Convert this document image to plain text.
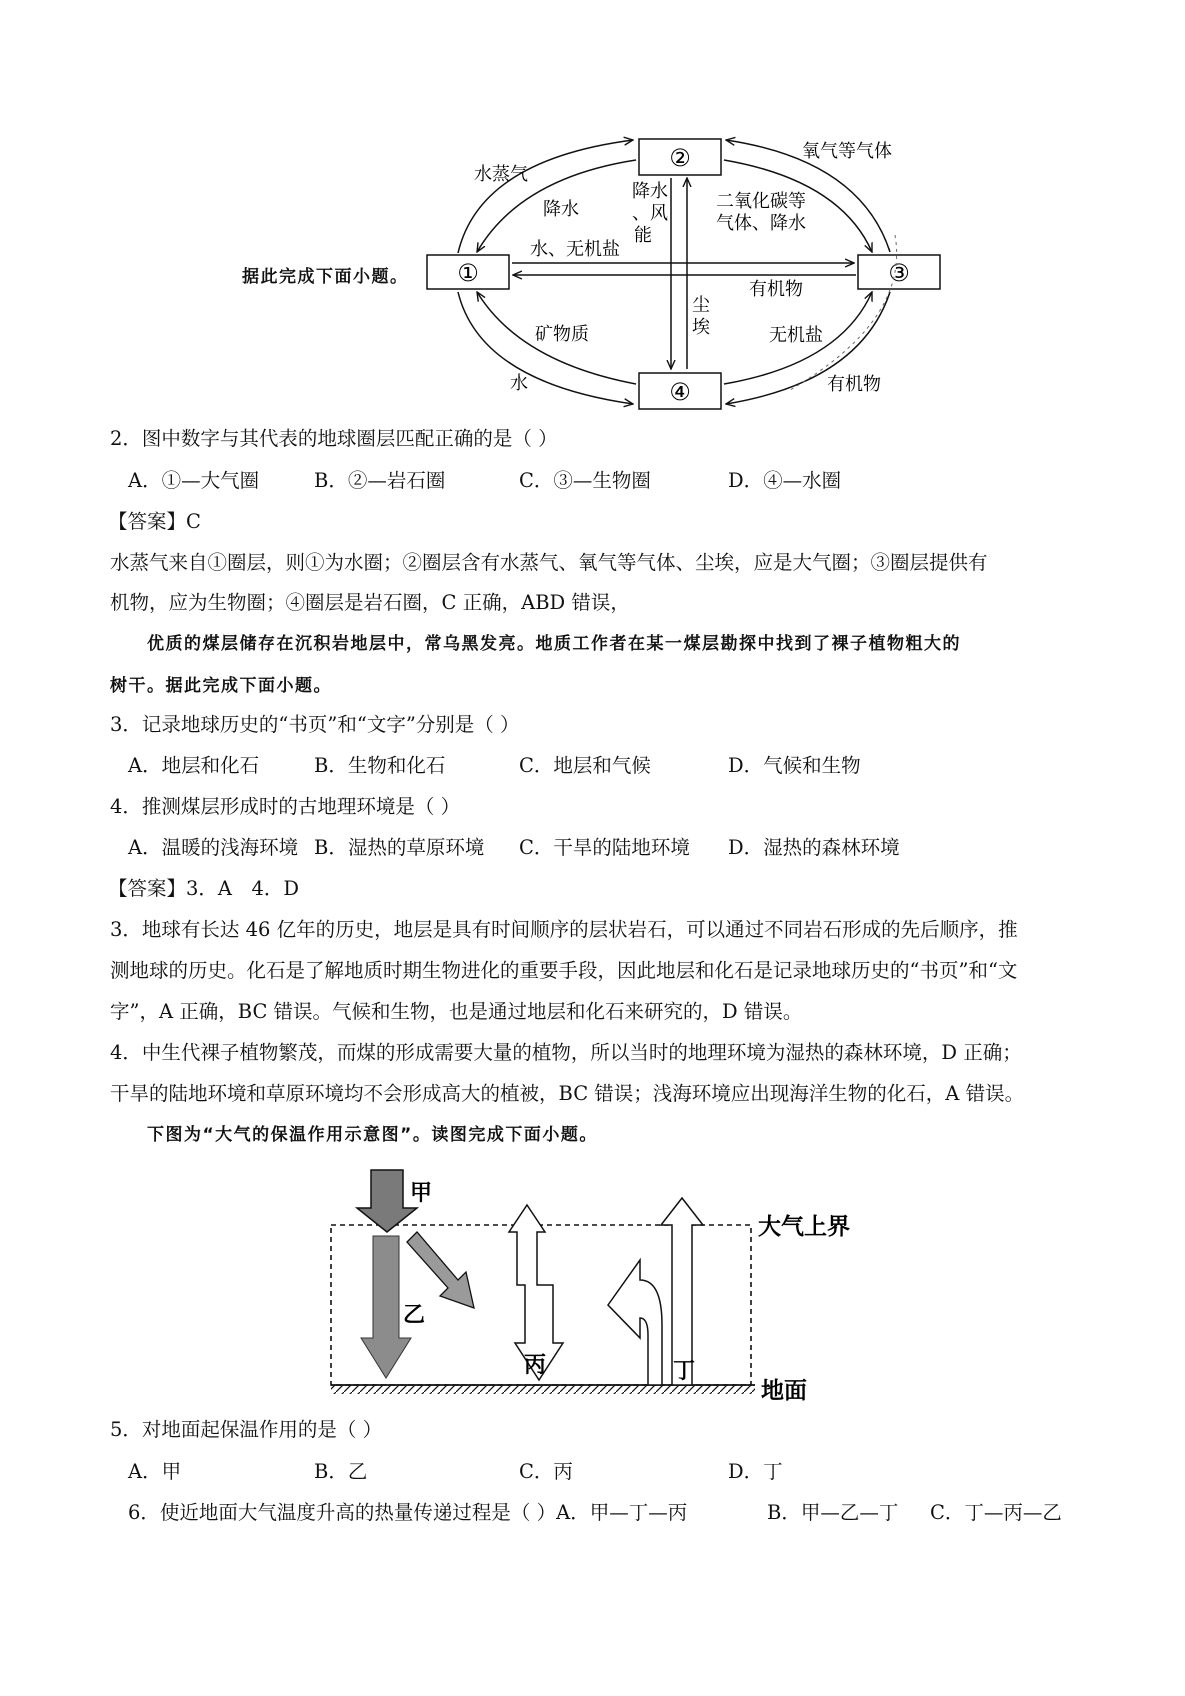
①
②
③
④
水蒸气
降水
降水
、风
能
氧气等气体
二氧化碳等
气体、降水
水、无机盐
有机物
尘
埃
矿物质	无机盐
水	有机物
据此完成下面小题。
2．图中数字与其代表的地球圈层匹配正确的是（ ）
A．①—大气圈	B．②—岩石圈	C．③—生物圈	D．④—水圈
【答案】C
水蒸气来自①圈层，则①为水圈；②圈层含有水蒸气、氧气等气体、尘埃，应是大气圈；③圈层提供有
机物，应为生物圈；④圈层是岩石圈，C 正确，ABD 错误，
优质的煤层储存在沉积岩地层中，常乌黑发亮。地质工作者在某一煤层勘探中找到了裸子植物粗大的
树干。据此完成下面小题。
3．记录地球历史的“书页”和“文字”分别是（ ）
A．地层和化石	B．生物和化石	C．地层和气候	D．气候和生物
4．推测煤层形成时的古地理环境是（ ）
A．温暖的浅海环境 B．湿热的草原环境 C．干旱的陆地环境 D．湿热的森林环境
【答案】3．A　4．D
3．地球有长达 46 亿年的历史，地层是具有时间顺序的层状岩石，可以通过不同岩石形成的先后顺序，推
测地球的历史。化石是了解地质时期生物进化的重要手段，因此地层和化石是记录地球历史的“书页”和“文
字”，A 正确，BC 错误。气候和生物，也是通过地层和化石来研究的，D 错误。
4．中生代裸子植物繁茂，而煤的形成需要大量的植物，所以当时的地理环境为湿热的森林环境，D 正确；
干旱的陆地环境和草原环境均不会形成高大的植被，BC 错误；浅海环境应出现海洋生物的化石，A 错误。
下图为“大气的保温作用示意图”。读图完成下面小题。
甲
乙
丙	丁
大气上界
地面
5．对地面起保温作用的是（ ）
A．甲	B．乙	C．丙	D．丁
6．使近地面大气温度升高的热量传递过程是（ ）A．甲—丁—丙	B．甲—乙—丁 C．丁—丙—乙
